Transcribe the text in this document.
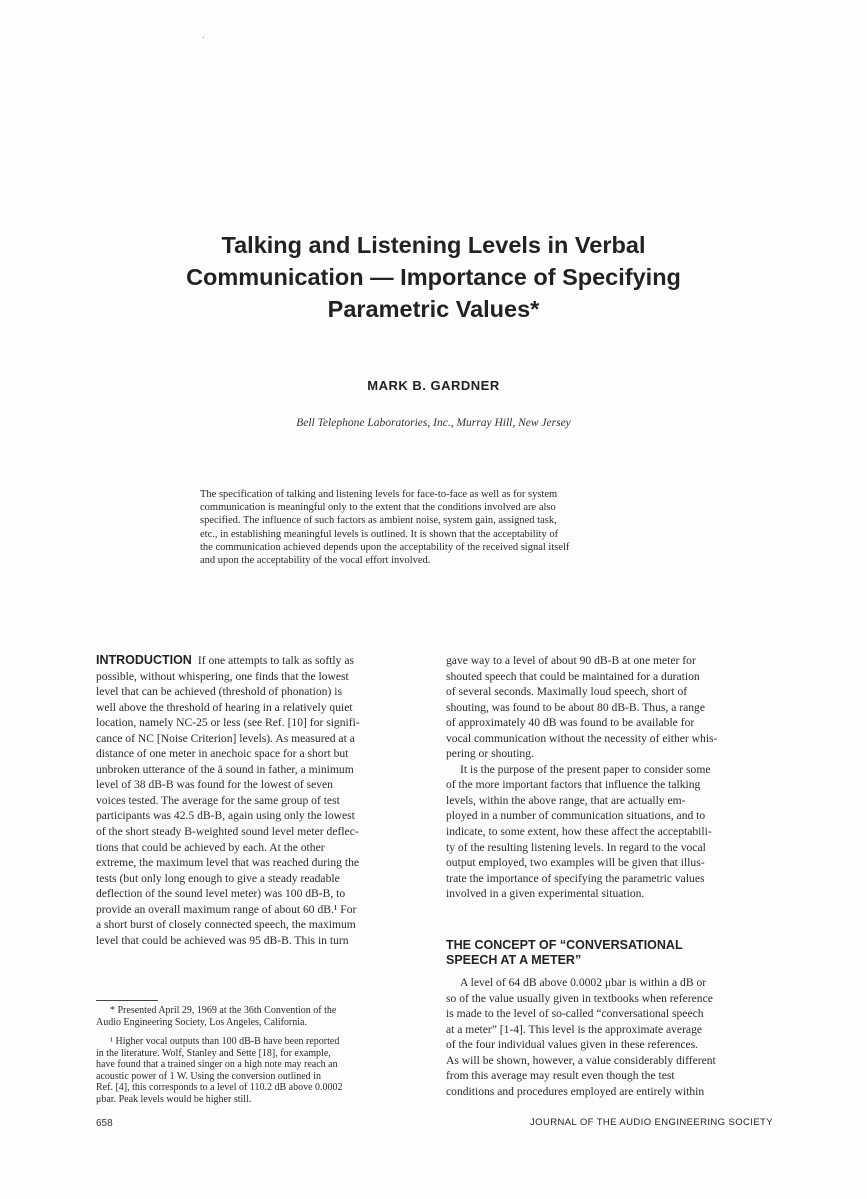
Talking and Listening Levels in Verbal
Communication — Importance of Specifying
Parametric Values*
MARK B. GARDNER
Bell Telephone Laboratories, Inc., Murray Hill, New Jersey
The specification of talking and listening levels for face-to-face as well as for system
communication is meaningful only to the extent that the conditions involved are also
specified. The influence of such factors as ambient noise, system gain, assigned task,
etc., in establishing meaningful levels is outlined. It is shown that the acceptability of
the communication achieved depends upon the acceptability of the received signal itself
and upon the acceptability of the vocal effort involved.
INTRODUCTION If one attempts to talk as softly as
possible, without whispering, one finds that the lowest
level that can be achieved (threshold of phonation) is
well above the threshold of hearing in a relatively quiet
location, namely NC-25 or less (see Ref. [10] for signifi-
cance of NC [Noise Criterion] levels). As measured at a
distance of one meter in anechoic space for a short but
unbroken utterance of the ä sound in father, a minimum
level of 38 dB-B was found for the lowest of seven
voices tested. The average for the same group of test
participants was 42.5 dB-B, again using only the lowest
of the short steady B-weighted sound level meter deflec-
tions that could be achieved by each. At the other
extreme, the maximum level that was reached during the
tests (but only long enough to give a steady readable
deflection of the sound level meter) was 100 dB-B, to
provide an overall maximum range of about 60 dB.¹ For
a short burst of closely connected speech, the maximum
level that could be achieved was 95 dB-B. This in turn
gave way to a level of about 90 dB-B at one meter for
shouted speech that could be maintained for a duration
of several seconds. Maximally loud speech, short of
shouting, was found to be about 80 dB-B. Thus, a range
of approximately 40 dB was found to be available for
vocal communication without the necessity of either whis-
pering or shouting.
It is the purpose of the present paper to consider some
of the more important factors that influence the talking
levels, within the above range, that are actually em-
ployed in a number of communication situations, and to
indicate, to some extent, how these affect the acceptabili-
ty of the resulting listening levels. In regard to the vocal
output employed, two examples will be given that illus-
trate the importance of specifying the parametric values
involved in a given experimental situation.
THE CONCEPT OF “CONVERSATIONAL
SPEECH AT A METER”
A level of 64 dB above 0.0002 μbar is within a dB or
so of the value usually given in textbooks when reference
is made to the level of so-called “conversational speech
at a meter” [1-4]. This level is the approximate average
of the four individual values given in these references.
As will be shown, however, a value considerably different
from this average may result even though the test
conditions and procedures employed are entirely within
* Presented April 29, 1969 at the 36th Convention of the
Audio Engineering Society, Los Angeles, California.
¹ Higher vocal outputs than 100 dB-B have been reported
in the literature. Wolf, Stanley and Sette [18], for example,
have found that a trained singer on a high note may reach an
acoustic power of 1 W. Using the conversion outlined in
Ref. [4], this corresponds to a level of 110.2 dB above 0.0002
μbar. Peak levels would be higher still.
658	JOURNAL OF THE AUDIO ENGINEERING SOCIETY
